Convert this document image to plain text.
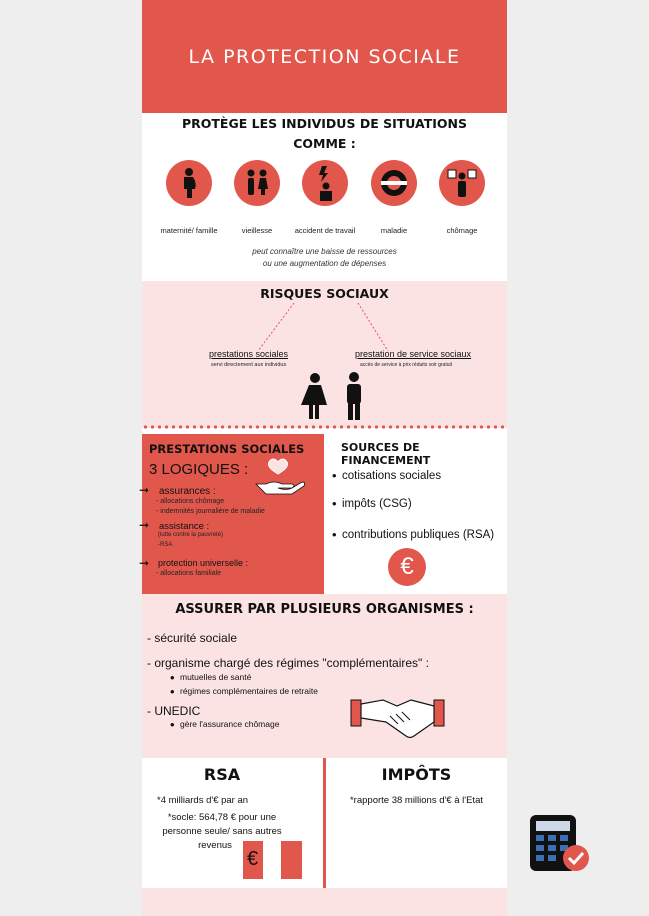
LA PROTECTION SOCIALE
PROTÈGE LES INDIVIDUS DE SITUATIONS
COMME :
maternité/ famille	vieillesse	accident de travail	maladie	chômage
peut connaître une baisse de ressources
ou une augmentation de dépenses
RISQUES SOCIAUX
prestations sociales
servi directement aux individus
prestation de service sociaux
accès de service à prix réduits voir gratuit
PRESTATIONS SOCIALES
3 LOGIQUES :
➞ assurances :
- allocations chômage
- indemnités journalière de maladie
➞ assistance :
(lutte contre la pauvreté)
-RSA
➞ protection universelle :
- allocations familiale
SOURCES DE FINANCEMENT
• cotisations sociales
• impôts (CSG)
• contributions publiques (RSA)
€
ASSURER PAR PLUSIEURS ORGANISMES :
- sécurité sociale
- organisme chargé des régimes "complémentaires" :
• mutuelles de santé
• régimes complémentaires de retraite
- UNEDIC
• gère l'assurance chômage
RSA
*4 milliards d'€ par an
*socle: 564,78 € pour une
personne seule/ sans autres
revenus
€
IMPÔTS
*rapporte 38 millions d'€ à l'Etat
